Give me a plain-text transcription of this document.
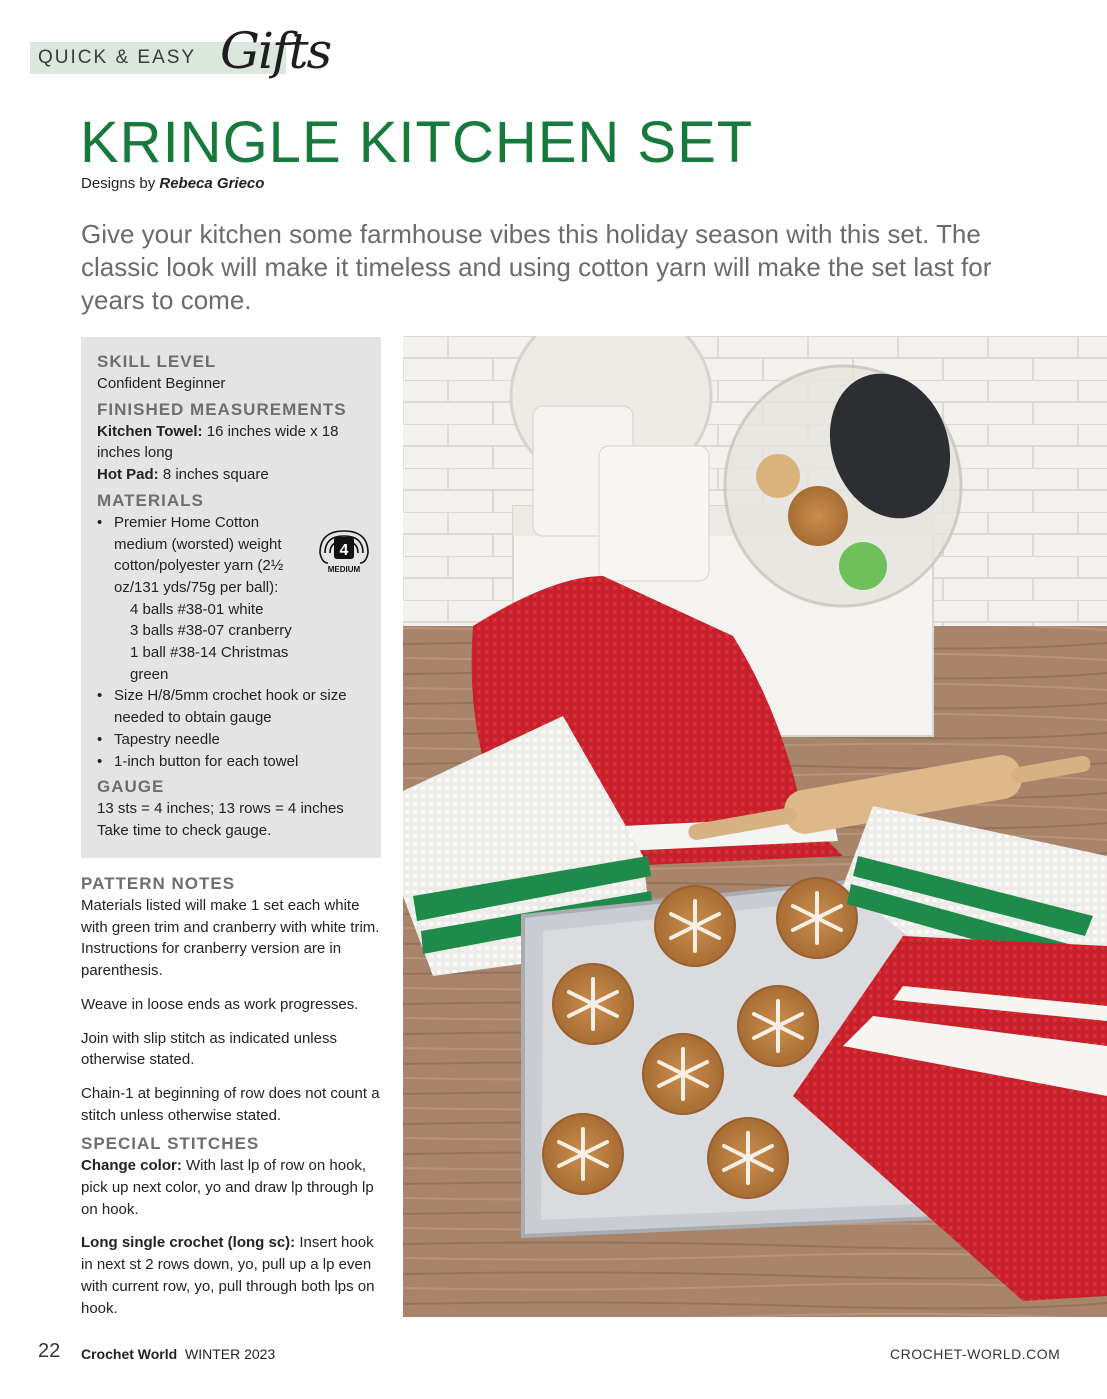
QUICK & EASY Gifts
KRINGLE KITCHEN SET
Designs by Rebeca Grieco

Give your kitchen some farmhouse vibes this holiday season with this set. The classic look will make it timeless and using cotton yarn will make the set last for years to come.

SKILL LEVEL
Confident Beginner
FINISHED MEASUREMENTS
Kitchen Towel: 16 inches wide x 18 inches long
Hot Pad: 8 inches square
MATERIALS
• Premier Home Cotton medium (worsted) weight cotton/polyester yarn (2½ oz/131 yds/75g per ball):
4 balls #38-01 white
3 balls #38-07 cranberry
1 ball #38-14 Christmas green
• Size H/8/5mm crochet hook or size needed to obtain gauge
• Tapestry needle
• 1-inch button for each towel
GAUGE
13 sts = 4 inches; 13 rows = 4 inches
Take time to check gauge.
4
MEDIUM
PATTERN NOTES

Materials listed will make 1 set each white with green trim and cranberry with white trim. Instructions for cranberry version are in parenthesis.

Weave in loose ends as work progresses.

Join with slip stitch as indicated unless otherwise stated.

Chain-1 at beginning of row does not count a stitch unless otherwise stated.

SPECIAL STITCHES

Change color: With last lp of row on hook, pick up next color, yo and draw lp through lp on hook.

Long single crochet (long sc): Insert hook in next st 2 rows down, yo, pull up a lp even with current row, yo, pull through both lps on hook.

22 Crochet World WINTER 2023	CROCHET-WORLD.COM
